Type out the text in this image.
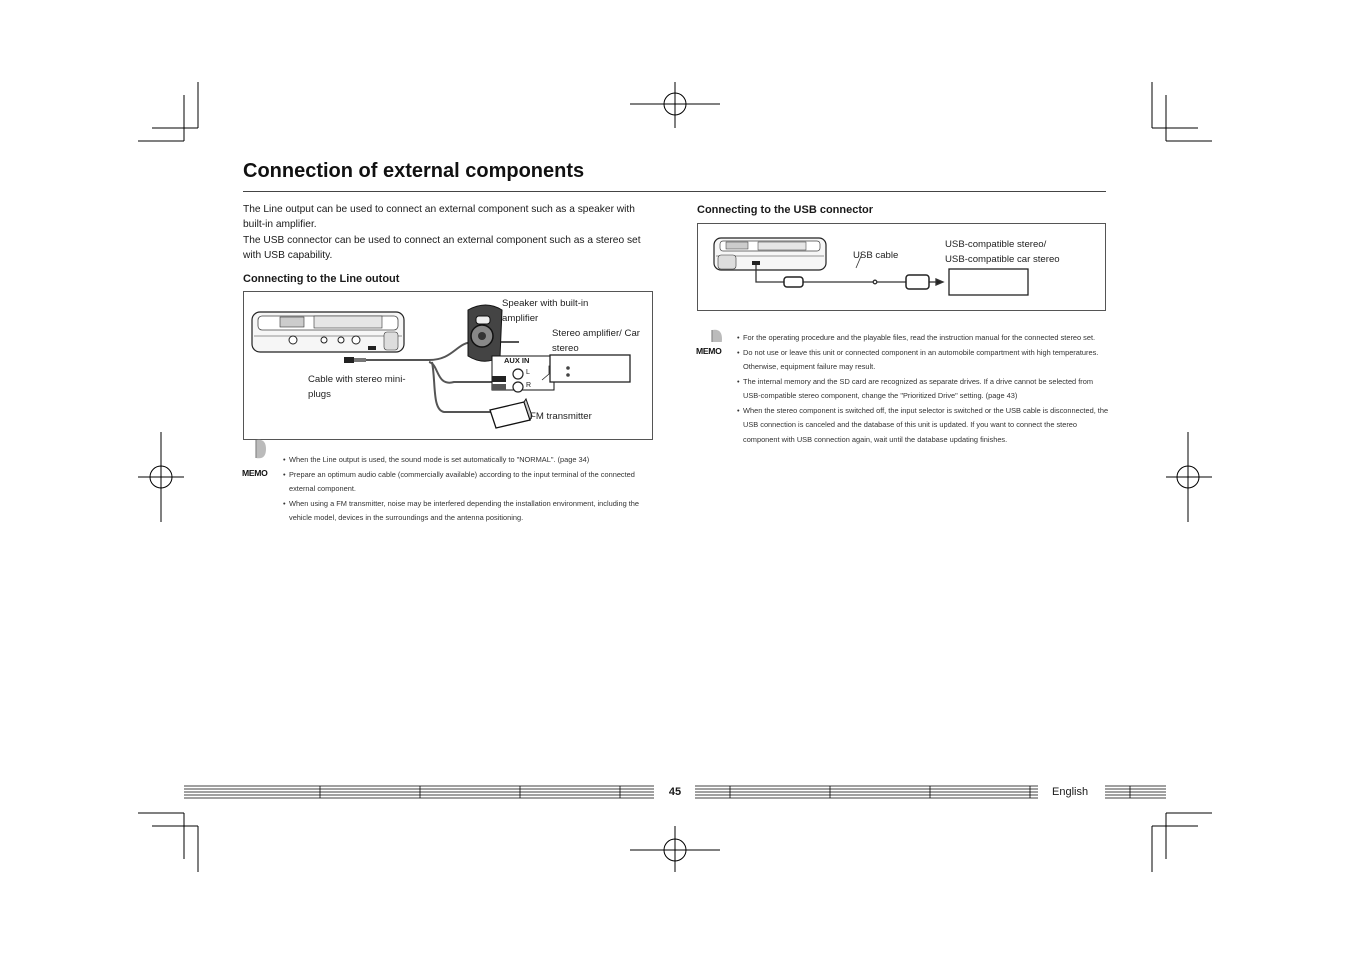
Connection of external components

The Line output can be used to connect an external component such as a speaker with built-in amplifier.

The USB connector can be used to connect an external component such as a stereo set with USB capability.

Connecting to the Line outout
Speaker with built-in amplifier
Stereo amplifier/ Car stereo
Cable with stereo mini-plugs
FM transmitter
AUX IN
L
R
MEMO
• When the Line output is used, the sound mode is set automatically to "NORMAL". (page 34)
• Prepare an optimum audio cable (commercially available) according to the input terminal of the connected external component.
• When using a FM transmitter, noise may be interfered depending the installation environment, including the vehicle model, devices in the surroundings and the antenna positioning.
Connecting to the USB connector
USB cable
USB-compatible stereo/ USB-compatible car stereo
MEMO
• For the operating procedure and the playable files, read the instruction manual for the connected stereo set.
• Do not use or leave this unit or connected component in an automobile compartment with high temperatures. Otherwise, equipment failure may result.
• The internal memory and the SD card are recognized as separate drives. If a drive cannot be selected from USB-compatible stereo component, change the "Prioritized Drive" setting. (page 43)
• When the stereo component is switched off, the input selector is switched or the USB cable is disconnected, the USB connection is canceled and the database of this unit is updated. If you want to connect the stereo component with USB connection again, wait until the database updating finishes.
45	English
